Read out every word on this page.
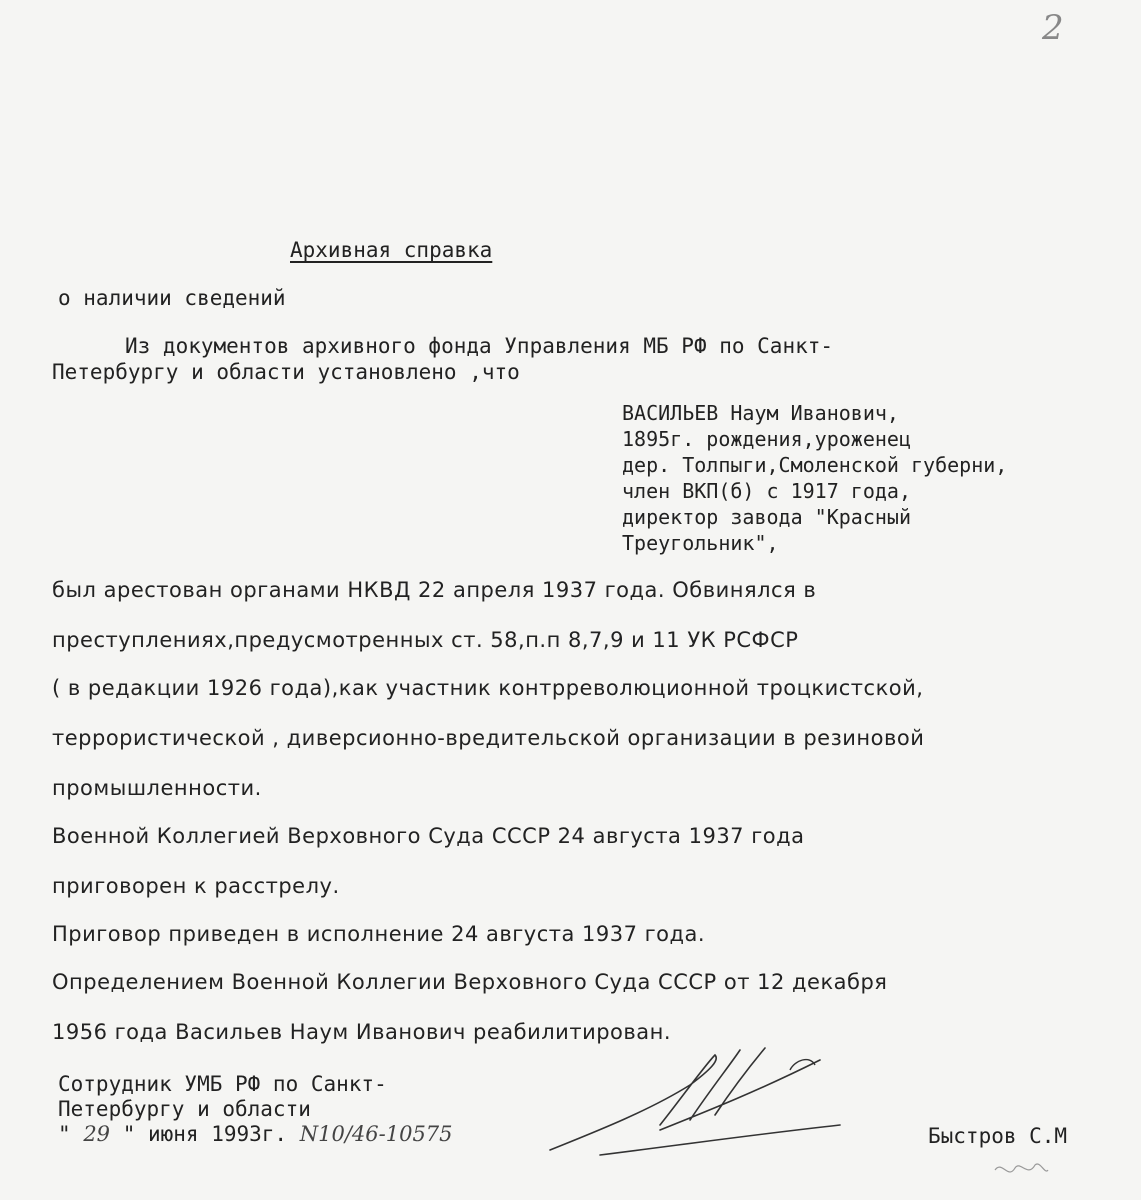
2
Архивная справка
о наличии сведений
Из документов архивного фонда Управления МБ РФ по Санкт-
Петербургу и области установлено ,что
ВАСИЛЬЕВ Наум Иванович,
1895г. рождения,уроженец
дер. Толпыги,Смоленской губерни,
член ВКП(б) с 1917 года,
директор завода "Красный
Треугольник",
был арестован органами НКВД 22 апреля 1937 года. Обвинялся в
преступлениях,предусмотренных ст. 58,п.п 8,7,9 и 11 УК РСФСР
( в редакции 1926 года),как участник контрреволюционной троцкистской,
террористической , диверсионно-вредительской организации в резиновой
промышленности.
Военной Коллегией Верховного Суда СССР 24 августа 1937 года
приговорен к расстрелу.
Приговор приведен в исполнение 24 августа 1937 года.
Определением Военной Коллегии Верховного Суда СССР от 12 декабря
1956 года Васильев Наум Иванович реабилитирован.
Сотрудник УМБ РФ по Санкт-
Петербургу и области
" 29 " июня 1993г. N10/46-10575	Быстров С.М
